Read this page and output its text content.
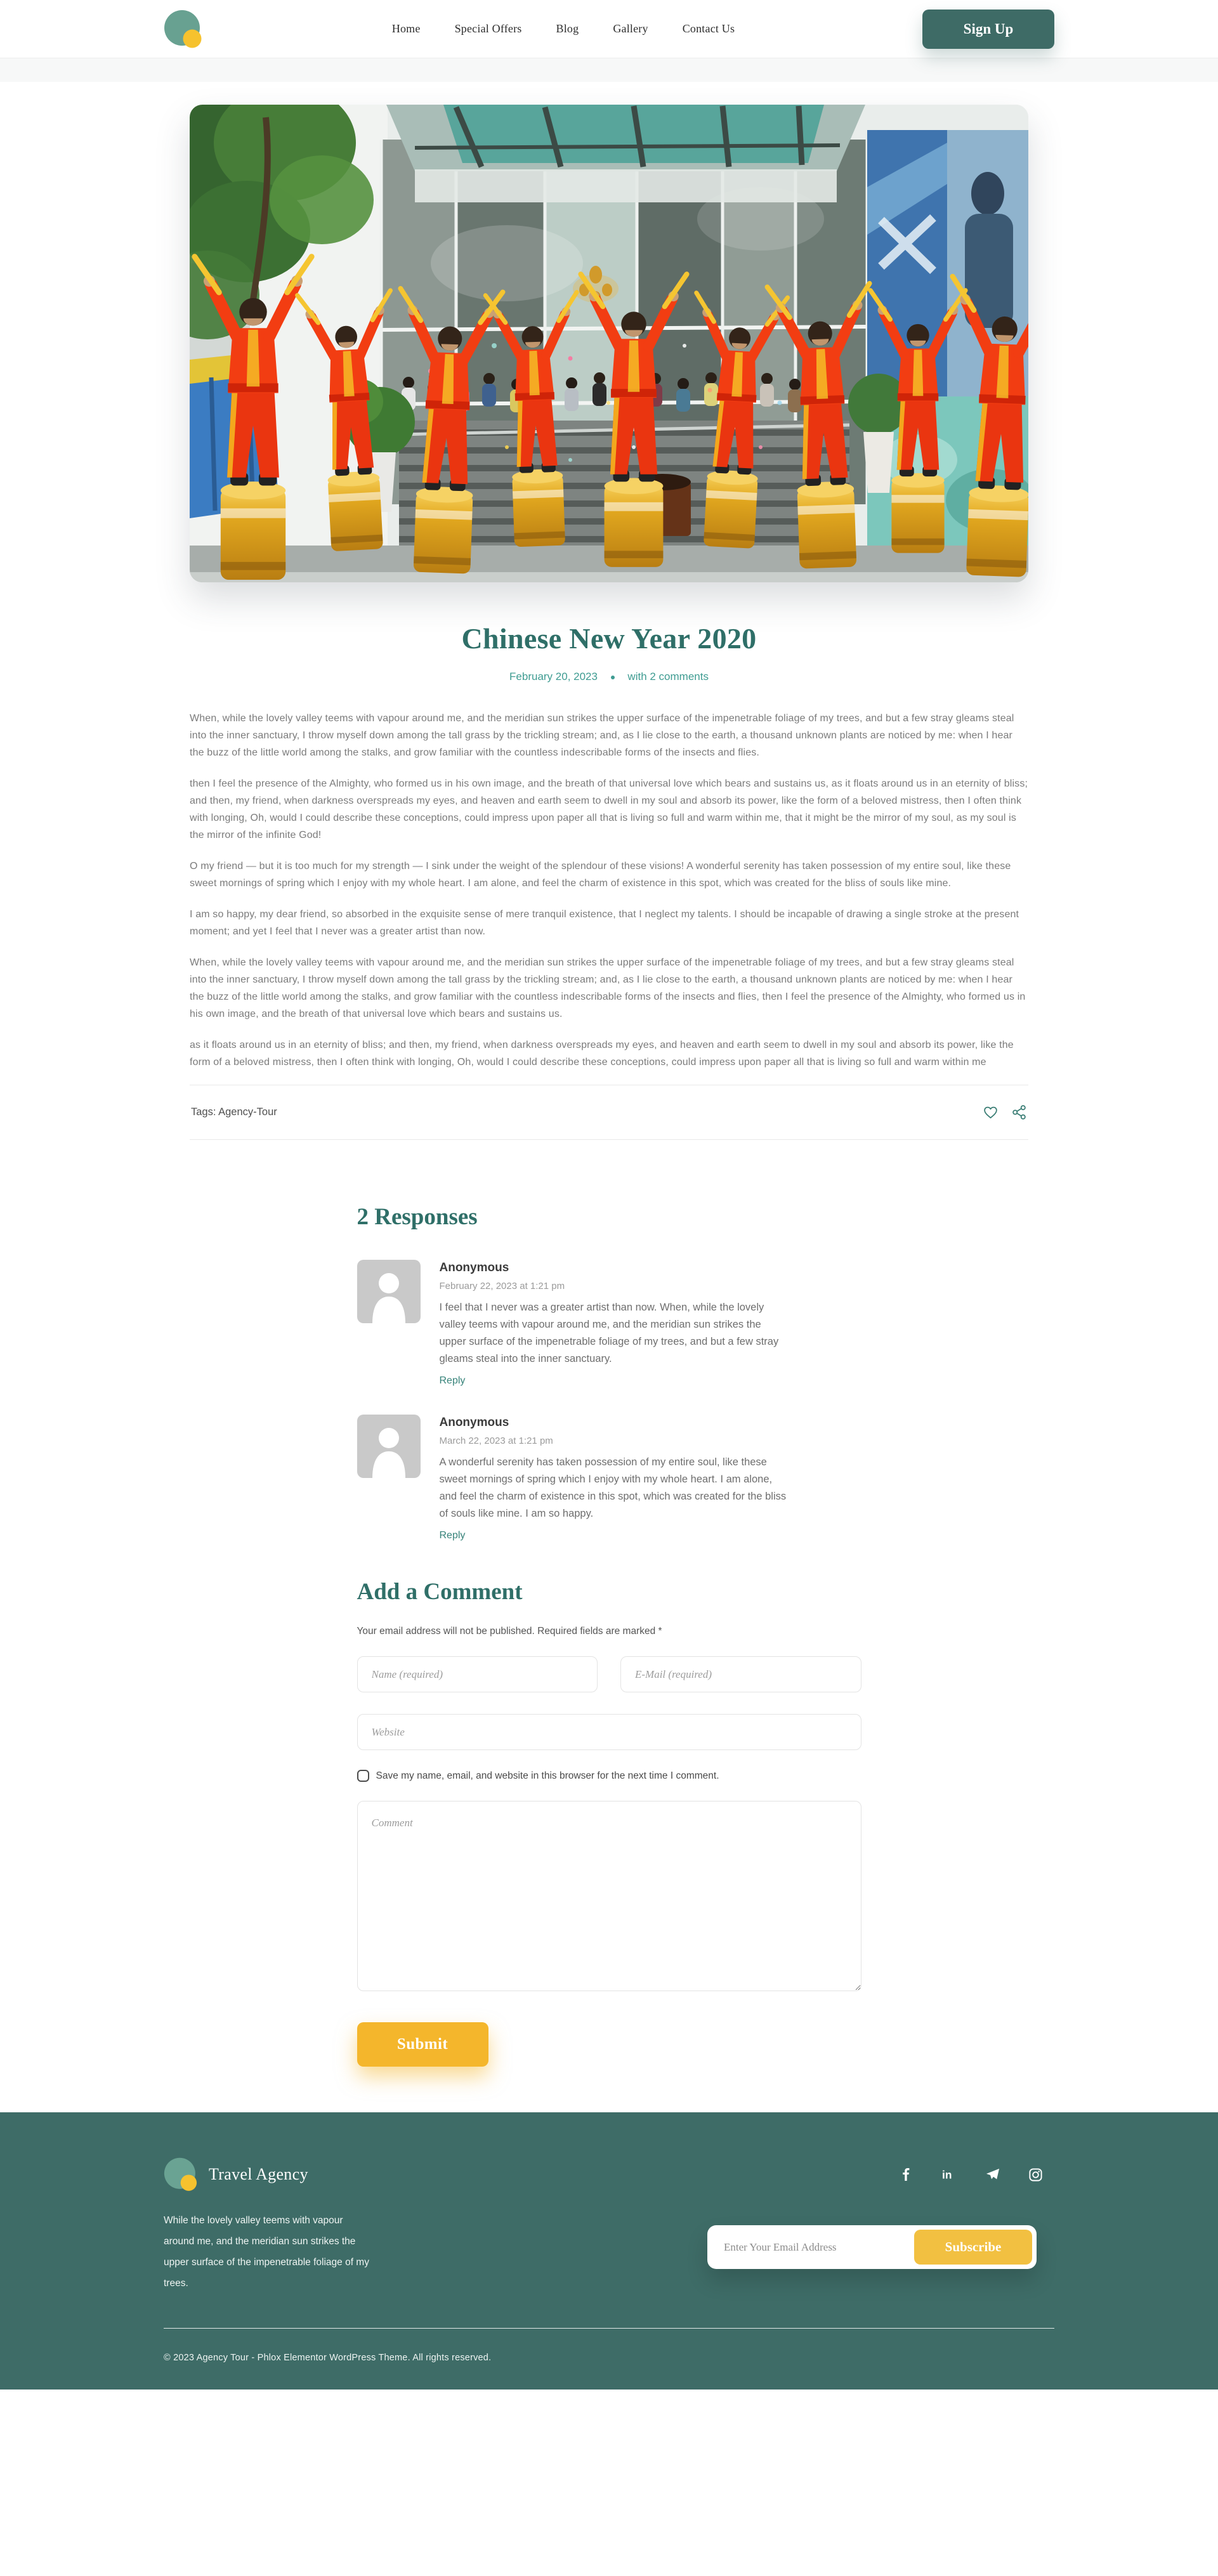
Home	Special Offers	Blog	Gallery	Contact Us	Sign Up
Chinese New Year 2020
February 20, 2023	with 2 comments

When, while the lovely valley teems with vapour around me, and the meridian sun strikes the upper surface of the impenetrable foliage of my trees, and but a few stray gleams steal into the inner sanctuary, I throw myself down among the tall grass by the trickling stream; and, as I lie close to the earth, a thousand unknown plants are noticed by me: when I hear the buzz of the little world among the stalks, and grow familiar with the countless indescribable forms of the insects and flies.

then I feel the presence of the Almighty, who formed us in his own image, and the breath of that universal love which bears and sustains us, as it floats around us in an eternity of bliss; and then, my friend, when darkness overspreads my eyes, and heaven and earth seem to dwell in my soul and absorb its power, like the form of a beloved mistress, then I often think with longing, Oh, would I could describe these conceptions, could impress upon paper all that is living so full and warm within me, that it might be the mirror of my soul, as my soul is the mirror of the infinite God!

O my friend — but it is too much for my strength — I sink under the weight of the splendour of these visions! A wonderful serenity has taken possession of my entire soul, like these sweet mornings of spring which I enjoy with my whole heart. I am alone, and feel the charm of existence in this spot, which was created for the bliss of souls like mine.

I am so happy, my dear friend, so absorbed in the exquisite sense of mere tranquil existence, that I neglect my talents. I should be incapable of drawing a single stroke at the present moment; and yet I feel that I never was a greater artist than now.

When, while the lovely valley teems with vapour around me, and the meridian sun strikes the upper surface of the impenetrable foliage of my trees, and but a few stray gleams steal into the inner sanctuary, I throw myself down among the tall grass by the trickling stream; and, as I lie close to the earth, a thousand unknown plants are noticed by me: when I hear the buzz of the little world among the stalks, and grow familiar with the countless indescribable forms of the insects and flies, then I feel the presence of the Almighty, who formed us in his own image, and the breath of that universal love which bears and sustains us.

as it floats around us in an eternity of bliss; and then, my friend, when darkness overspreads my eyes, and heaven and earth seem to dwell in my soul and absorb its power, like the form of a beloved mistress, then I often think with longing, Oh, would I could describe these conceptions, could impress upon paper all that is living so full and warm within me

Tags: Agency-Tour
2 Responses
Anonymous
February 22, 2023 at 1:21 pm
I feel that I never was a greater artist than now. When, while the lovely valley teems with vapour around me, and the meridian sun strikes the upper surface of the impenetrable foliage of my trees, and but a few stray gleams steal into the inner sanctuary.
Reply
Anonymous
March 22, 2023 at 1:21 pm
A wonderful serenity has taken possession of my entire soul, like these sweet mornings of spring which I enjoy with my whole heart. I am alone, and feel the charm of existence in this spot, which was created for the bliss of souls like mine. I am so happy.
Reply
Add a Comment

Your email address will not be published. Required fields are marked *

Name (required)
E-Mail (required)
Website
Save my name, email, and website in this browser for the next time I comment.
Comment
Submit
Travel Agency	in

While the lovely valley teems with vapour around me, and the meridian sun strikes the upper surface of the impenetrable foliage of my trees.

Enter Your Email Address
Subscribe

© 2023 Agency Tour - Phlox Elementor WordPress Theme. All rights reserved.
